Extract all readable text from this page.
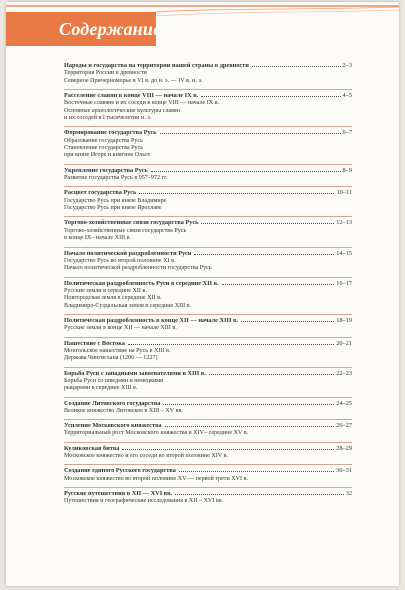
Содержание
Народы и государства на территории нашей страны в древности	2–3
Территория России в древности
Северное Причерноморье в VI в. до н. э. — IV в. н. э.
Расселение славян в конце VIII — начале IX в.	4–5
Восточные славяне и их соседи в конце VIII — начале IX в.
Основные археологические культуры славян
и их соседей в I тысячелетии н. э.
Формирование государства Русь	6–7
Образование государства Русь
Становление государства Русь
при князе Игоре и княгине Ольге
Укрепление государства Русь	8–9
Развитие государства Русь в 957–972 гг.
Расцвет государства Русь	10–11
Государство Русь при князе Владимире
Государство Русь при князе Ярославе
Торгово-хозяйственные связи государства Русь	12–13
Торгово-хозяйственные связи государства Русь
в конце IX– начале XIII в.
Начало политической раздробленности Руси	14–15
Государство Русь во второй половине XI в.
Начало политической раздробленности государства Русь
Политическая раздробленность Руси в середине XII в.	16–17
Русские земли в середине XII в.
Новгородская земля в середине XII в.
Владимиро-Суздальская земля в середине XIII в.
Политическая раздробленность в конце XII — начале XIII в.	18–19
Русские земли в конце XII — начале XIII в.
Нашествие с Востока	20–21
Монгольское нашествие на Русь в XIII в.
Держава Чингисхана (1206 — 1227)
Борьба Руси с западными завоевателями в XIII в.	22–23
Борьба Руси со шведами и немецкими
рыцарями в середине XIII в.
Создание Литовского государства	24–25
Великое княжество Литовское в XIII – XV вв.
Усиление Московского княжества	26–27
Территориальный рост Московского княжества в XIV– середине XV в.
Куликовская битва	28–29
Московское княжество и его соседи во второй половине XIV в.
Создание единого Русского государства	30–31
Московское княжество во второй половине XV — первой трети XVI в.
Русские путешествия в XII — XVI вв.	32
Путешествия и географические исследования в XII – XVI вв.
